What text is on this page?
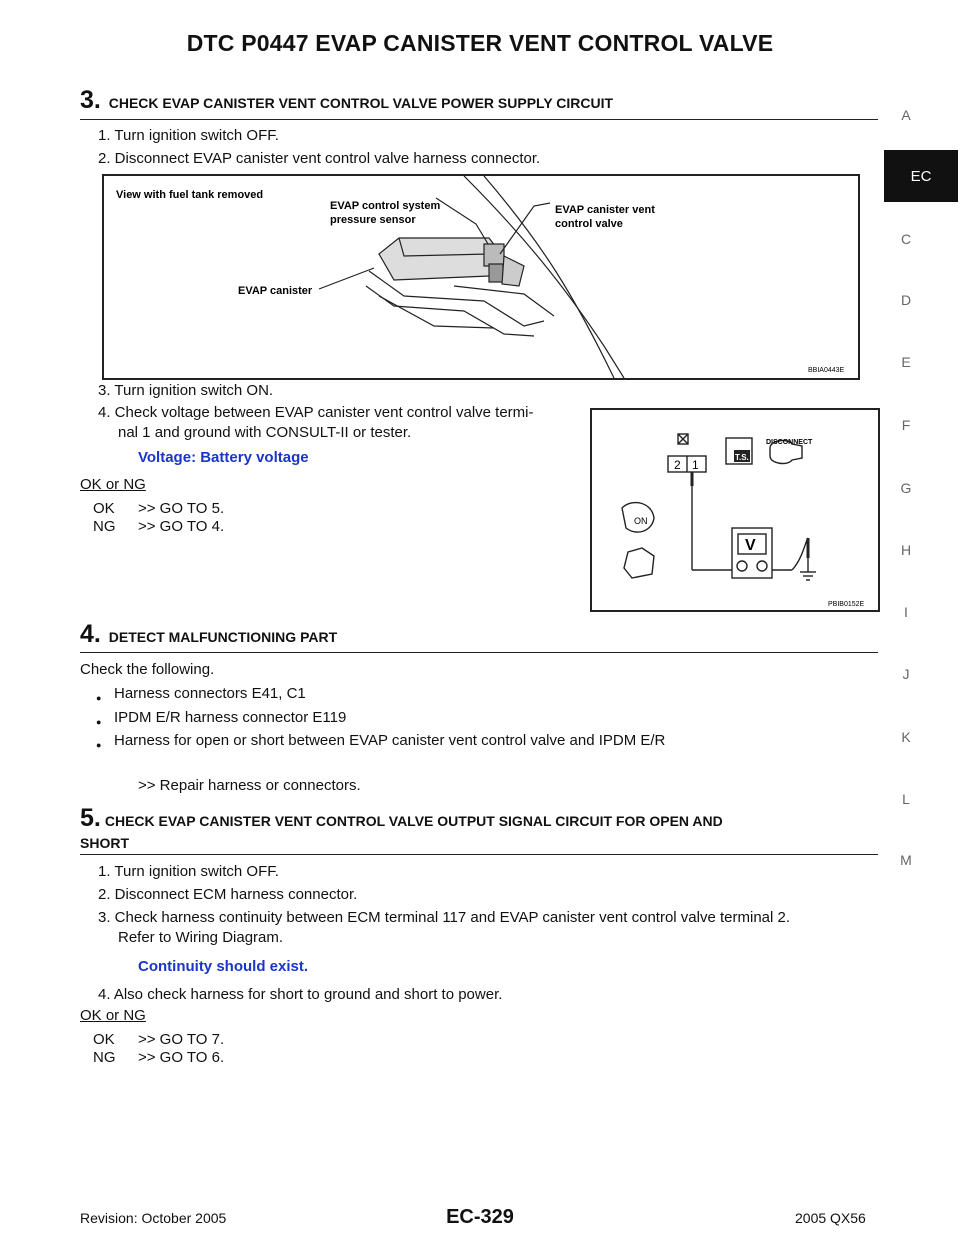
DTC P0447 EVAP CANISTER VENT CONTROL VALVE
A
EC
C
D
E
F
G
H
I
J
K
L
M
3. CHECK EVAP CANISTER VENT CONTROL VALVE POWER SUPPLY CIRCUIT
1. Turn ignition switch OFF.
2. Disconnect EVAP canister vent control valve harness connector.
View with fuel tank removed
EVAP control system
pressure sensor
EVAP canister vent
control valve
EVAP canister
BBIA0443E
3. Turn ignition switch ON.
4. Check voltage between EVAP canister vent control valve termi-
nal 1 and ground with CONSULT-II or tester.
Voltage: Battery voltage
OK or NG
OK >> GO TO 5.
NG >> GO TO 4.
2 1
DISCONNECT
T.S.
ON
V
PBIB0152E
4. DETECT MALFUNCTIONING PART
Check the following.
● Harness connectors E41, C1
● IPDM E/R harness connector E119
● Harness for open or short between EVAP canister vent control valve and IPDM E/R
>> Repair harness or connectors.
5. CHECK EVAP CANISTER VENT CONTROL VALVE OUTPUT SIGNAL CIRCUIT FOR OPEN AND
SHORT
1. Turn ignition switch OFF.
2. Disconnect ECM harness connector.
3. Check harness continuity between ECM terminal 117 and EVAP canister vent control valve terminal 2.
Refer to Wiring Diagram.
Continuity should exist.
4. Also check harness for short to ground and short to power.
OK or NG
OK >> GO TO 7.
NG >> GO TO 6.
Revision: October 2005	EC-329	2005 QX56
